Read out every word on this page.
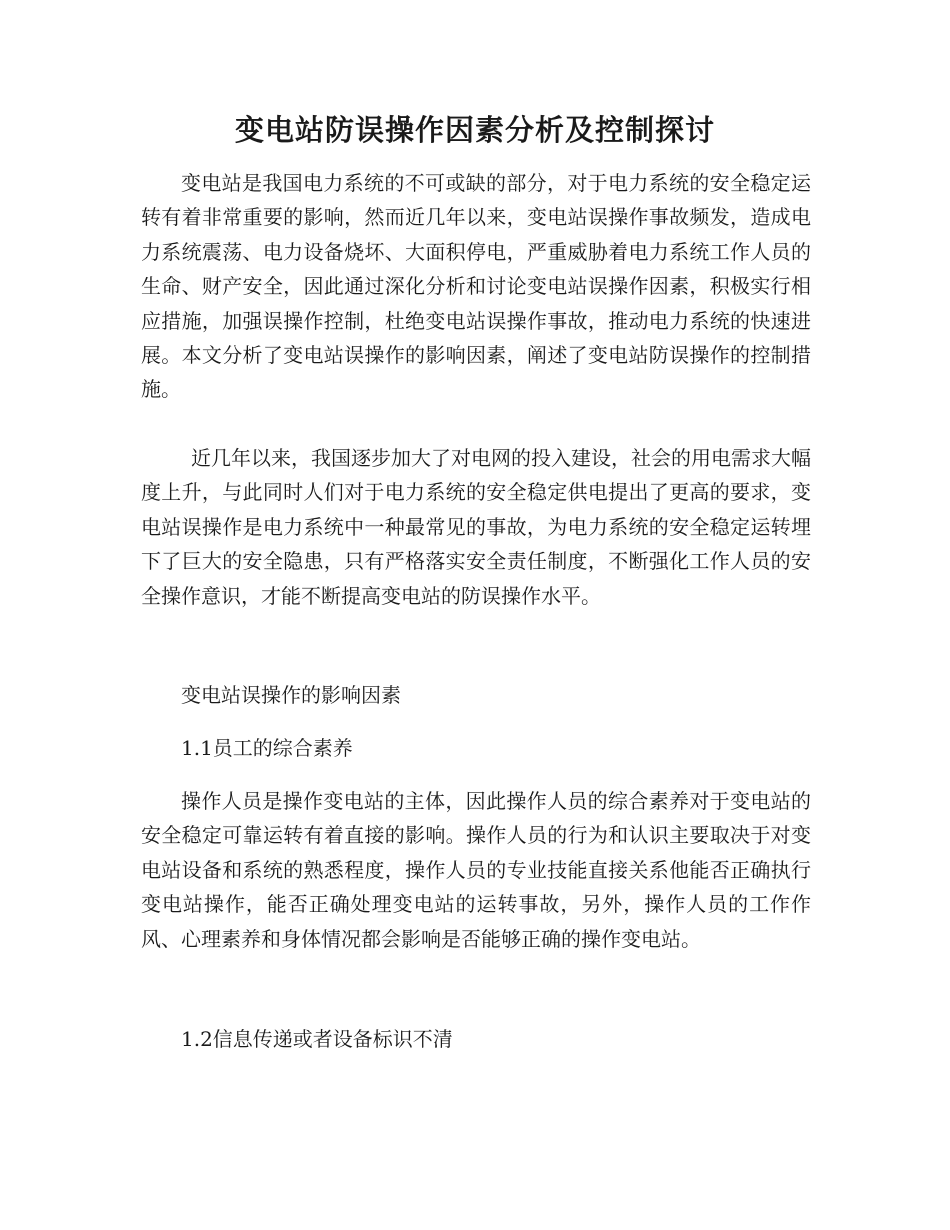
变电站防误操作因素分析及控制探讨

变电站是我国电力系统的不可或缺的部分，对于电力系统的安全稳定运转有着非常重要的影响，然而近几年以来，变电站误操作事故频发，造成电力系统震荡、电力设备烧坏、大面积停电，严重威胁着电力系统工作人员的生命、财产安全，因此通过深化分析和讨论变电站误操作因素，积极实行相应措施，加强误操作控制，杜绝变电站误操作事故，推动电力系统的快速进展。本文分析了变电站误操作的影响因素，阐述了变电站防误操作的控制措施。

近几年以来，我国逐步加大了对电网的投入建设，社会的用电需求大幅度上升，与此同时人们对于电力系统的安全稳定供电提出了更高的要求，变电站误操作是电力系统中一种最常见的事故，为电力系统的安全稳定运转埋下了巨大的安全隐患，只有严格落实安全责任制度，不断强化工作人员的安全操作意识，才能不断提高变电站的防误操作水平。

变电站误操作的影响因素

1.1员工的综合素养

操作人员是操作变电站的主体，因此操作人员的综合素养对于变电站的安全稳定可靠运转有着直接的影响。操作人员的行为和认识主要取决于对变电站设备和系统的熟悉程度，操作人员的专业技能直接关系他能否正确执行变电站操作，能否正确处理变电站的运转事故，另外，操作人员的工作作风、心理素养和身体情况都会影响是否能够正确的操作变电站。

1.2信息传递或者设备标识不清
